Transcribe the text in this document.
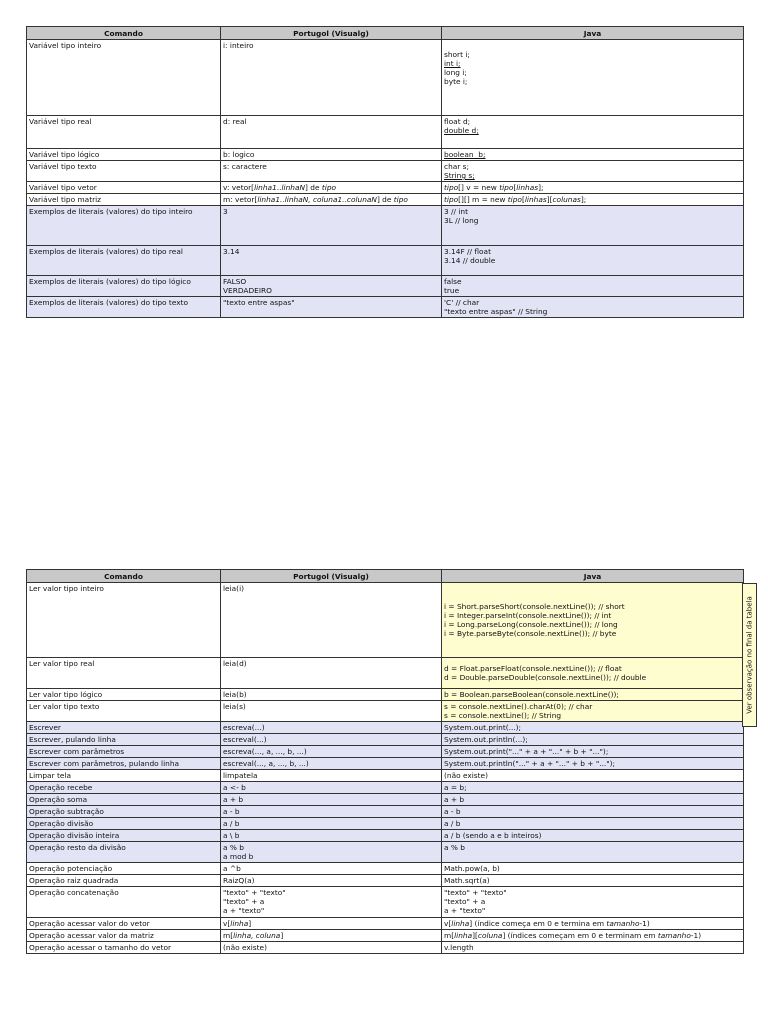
Comando	Portugol (Visualg)	Java
Variável tipo inteiro	i: inteiro	short i;
int i;
long i;
byte i;

Variável tipo real	d: real	float d;
double d;

Variável tipo lógico	b: logico	boolean  b;

Variável tipo texto	s: caractere	char s;
String s;

Variável tipo vetor	v: vetor[linha1..linhaN] de tipo	tipo[] v = new tipo[linhas];

Variável tipo matriz	m: vetor[linha1..linhaN, coluna1..colunaN] de tipo	tipo[][] m = new tipo[linhas][colunas];

Exemplos de literais (valores) do tipo inteiro	3	3 // int
3L // long

Exemplos de literais (valores) do tipo real	3.14	3.14F // float
3.14 // double

Exemplos de literais (valores) do tipo lógico	FALSO
VERDADEIRO	false
true

Exemplos de literais (valores) do tipo texto	"texto entre aspas"	'C' // char
"texto entre aspas" // String
Comando	Portugol (Visualg)	Java
Ler valor tipo inteiro	leia(i)	i = Short.parseShort(console.nextLine()); // short
i = Integer.parseInt(console.nextLine()); // int
i = Long.parseLong(console.nextLine()); // long
i = Byte.parseByte(console.nextLine()); // byte

Ler valor tipo real	leia(d)	d = Float.parseFloat(console.nextLine()); // float
d = Double.parseDouble(console.nextLine()); // double

Ler valor tipo lógico	leia(b)	b = Boolean.parseBoolean(console.nextLine());

Ler valor tipo texto	leia(s)	s = console.nextLine().charAt(0); // char
s = console.nextLine(); // String

Escrever	escreva(...)	System.out.print(...);

Escrever, pulando linha	escreval(...)	System.out.println(...);

Escrever com parâmetros	escreva(..., a, ..., b, ...)	System.out.print("..." + a + "..." + b + "...");

Escrever com parâmetros, pulando linha	escreval(..., a, ..., b, ...)	System.out.println("..." + a + "..." + b + "...");

Limpar tela	limpatela	(não existe)

Operação recebe	a <- b	a = b;

Operação soma	a + b	a + b

Operação subtração	a - b	a - b

Operação divisão	a / b	a / b

Operação divisão inteira	a \ b	a / b (sendo a e b inteiros)

Operação resto da divisão	a % b
a mod b	a % b

Operação potenciação	a ^b	Math.pow(a, b)

Operação raiz quadrada	RaizQ(a)	Math.sqrt(a)

Operação concatenação	"texto" + "texto"
"texto" + a
a + "texto"	"texto" + "texto"
"texto" + a
a + "texto"

Operação acessar valor do vetor	v[linha]	v[linha] (índice começa em 0 e termina em tamanho-1)

Operação acessar valor da matriz	m[linha, coluna]	m[linha][coluna] (índices começam em 0 e terminam em tamanho-1)

Operação acessar o tamanho do vetor	(não existe)	v.length
Ver observação no final da tabela
